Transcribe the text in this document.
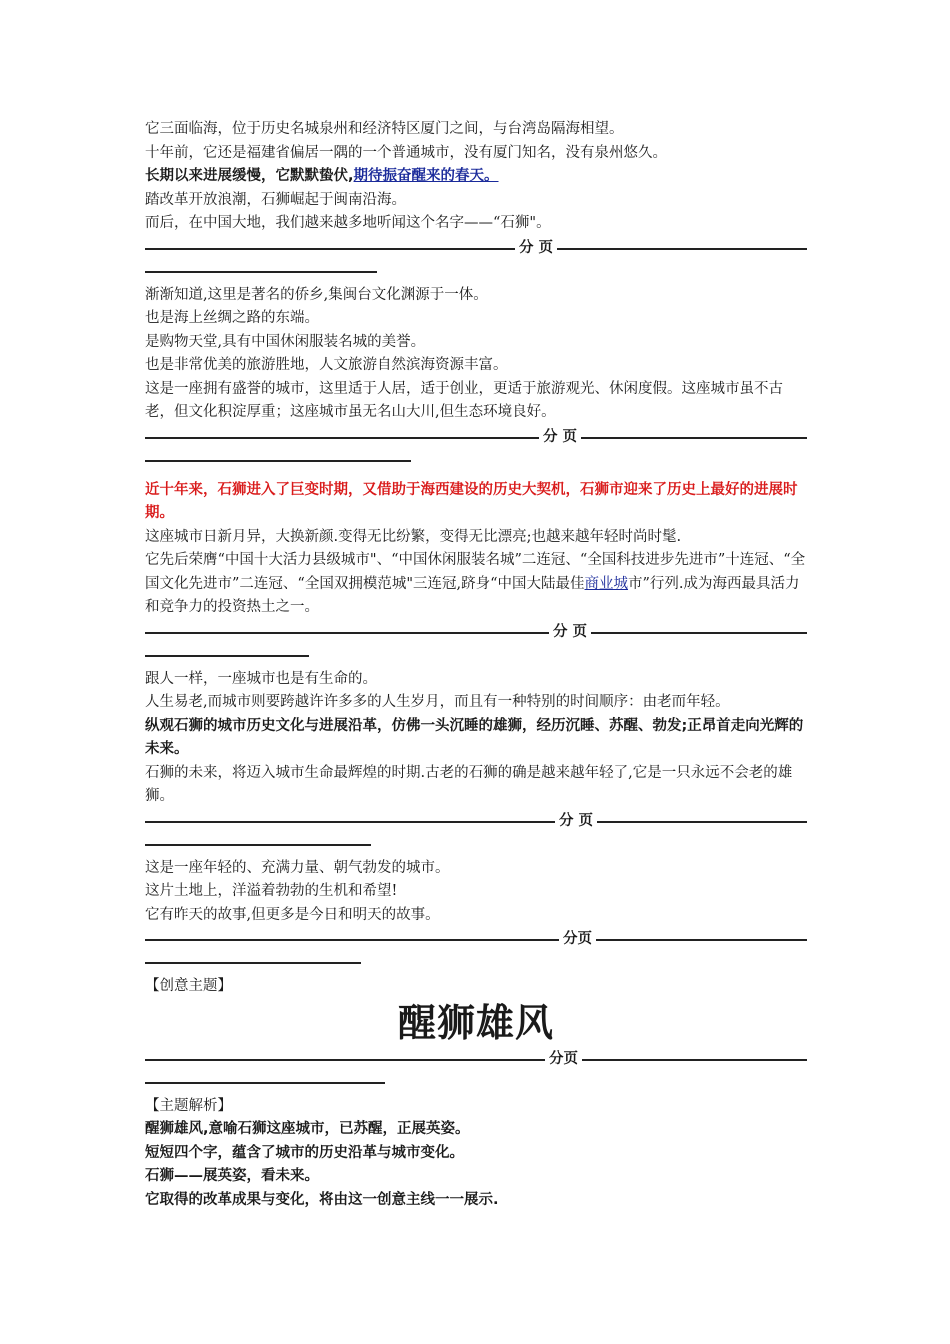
它三面临海，位于历史名城泉州和经济特区厦门之间，与台湾岛隔海相望。

十年前，它还是福建省偏居一隅的一个普通城市，没有厦门知名，没有泉州悠久。

长期以来进展缓慢，它默默蛰伏,期待振奋醒来的春天。

踏改革开放浪潮，石狮崛起于闽南沿海。

而后，在中国大地，我们越来越多地听闻这个名字——“石狮"。

分 页

渐渐知道,这里是著名的侨乡,集闽台文化渊源于一体。

也是海上丝绸之路的东端。

是购物天堂,具有中国休闲服装名城的美誉。

也是非常优美的旅游胜地，人文旅游自然滨海资源丰富。

这是一座拥有盛誉的城市，这里适于人居，适于创业，更适于旅游观光、休闲度假。这座城市虽不古老，但文化积淀厚重；这座城市虽无名山大川,但生态环境良好。

分 页

近十年来，石狮进入了巨变时期，又借助于海西建设的历史大契机，石狮市迎来了历史上最好的进展时期。

这座城市日新月异，大换新颜.变得无比纷繁，变得无比漂亮;也越来越年轻时尚时髦.

它先后荣膺“中国十大活力县级城市"、“中国休闲服装名城”二连冠、“全国科技进步先进市”十连冠、“全国文化先进市”二连冠、“全国双拥模范城"三连冠,跻身“中国大陆最佳商业城市”行列.成为海西最具活力和竞争力的投资热土之一。

分 页

跟人一样，一座城市也是有生命的。

人生易老,而城市则要跨越许许多多的人生岁月，而且有一种特别的时间顺序：由老而年轻。

纵观石狮的城市历史文化与进展沿革，仿佛一头沉睡的雄狮，经历沉睡、苏醒、勃发;正昂首走向光辉的未来。

石狮的未来，将迈入城市生命最辉煌的时期.古老的石狮的确是越来越年轻了,它是一只永远不会老的雄狮。

分 页

这是一座年轻的、充满力量、朝气勃发的城市。

这片土地上，洋溢着勃勃的生机和希望!

它有昨天的故事,但更多是今日和明天的故事。

分页

【创意主题】

醒狮雄风
分页

【主题解析】

醒狮雄风,意喻石狮这座城市，已苏醒，正展英姿。

短短四个字，蕴含了城市的历史沿革与城市变化。

石狮——展英姿，看未来。

它取得的改革成果与变化，将由这一创意主线一一展示.
